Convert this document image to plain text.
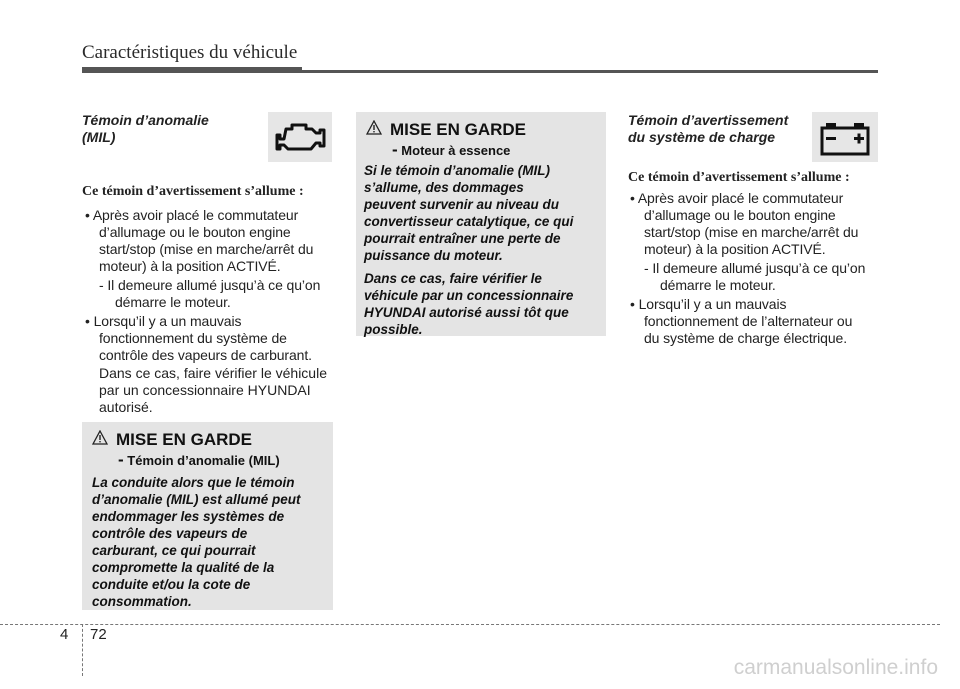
Caractéristiques du véhicule
Témoin d’anomalie
(MIL)
Ce témoin d’avertissement s’allume :
• Après avoir placé le commutateur
d’allumage ou le bouton engine
start/stop (mise en marche/arrêt du
moteur) à la position ACTIVÉ.
- Il demeure allumé jusqu’à ce qu’on
démarre le moteur.
• Lorsqu’il y a un mauvais
fonctionnement du système de
contrôle des vapeurs de carburant.
Dans ce cas, faire vérifier le véhicule
par un concessionnaire HYUNDAI
autorisé.
MISE EN GARDE
- Témoin d’anomalie (MIL)
La conduite alors que le témoin
d’anomalie (MIL) est allumé peut
endommager les systèmes de
contrôle des vapeurs de
carburant, ce qui pourrait
compromette la qualité de la
conduite et/ou la cote de
consommation.
MISE EN GARDE
- Moteur à essence
Si le témoin d’anomalie (MIL)
s’allume, des dommages
peuvent survenir au niveau du
convertisseur catalytique, ce qui
pourrait entraîner une perte de
puissance du moteur.
Dans ce cas, faire vérifier le
véhicule par un concessionnaire
HYUNDAI autorisé aussi tôt que
possible.
Témoin d’avertissement
du système de charge
Ce témoin d’avertissement s’allume :
• Après avoir placé le commutateur
d’allumage ou le bouton engine
start/stop (mise en marche/arrêt du
moteur) à la position ACTIVÉ.
- Il demeure allumé jusqu’à ce qu’on
démarre le moteur.
• Lorsqu’il y a un mauvais
fonctionnement de l’alternateur ou
du système de charge électrique.
4 72
carmanualsonline.info
